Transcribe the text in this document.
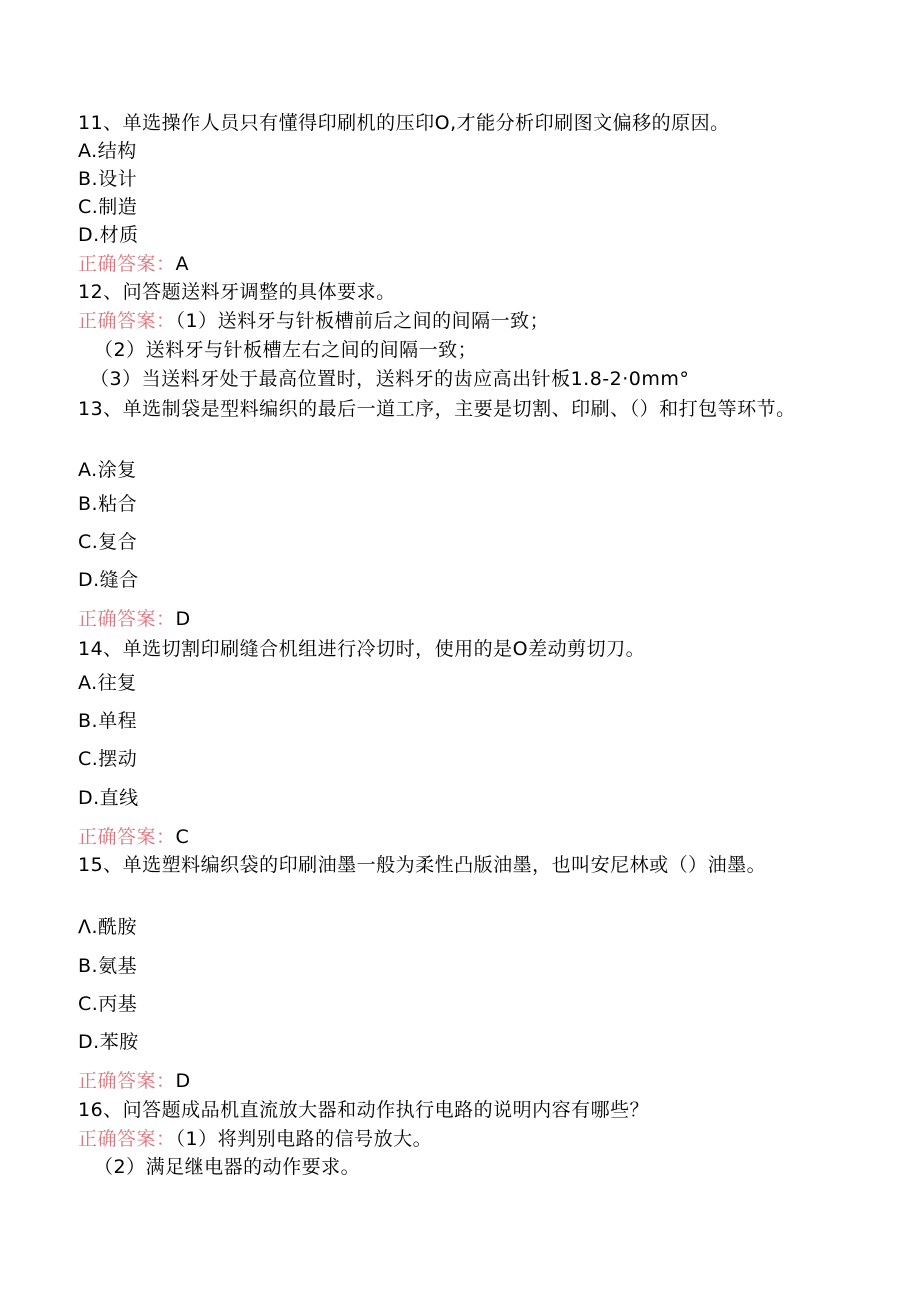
11、单选操作人员只有懂得印刷机的压印O,才能分析印刷图文偏移的原因。
A.结构
B.设计
C.制造
D.材质
正确答案：A
12、问答题送料牙调整的具体要求。
正确答案：（1）送料牙与针板槽前后之间的间隔一致；
（2）送料牙与针板槽左右之间的间隔一致；
（3）当送料牙处于最高位置时，送料牙的齿应高出针板1.8-2·0mm°
13、单选制袋是型料编织的最后一道工序，主要是切割、印刷、（）和打包等环节。
A.涂复
B.粘合
C.复合
D.缝合
正确答案：D
14、单选切割印刷缝合机组进行冷切时，使用的是O差动剪切刀。
A.往复
B.单程
C.摆动
D.直线
正确答案：C
15、单选塑料编织袋的印刷油墨一般为柔性凸版油墨，也叫安尼林或（）油墨。
Λ.酰胺
B.氨基
C.丙基
D.苯胺
正确答案：D
16、问答题成品机直流放大器和动作执行电路的说明内容有哪些？
正确答案：（1）将判别电路的信号放大。
（2）满足继电器的动作要求。
